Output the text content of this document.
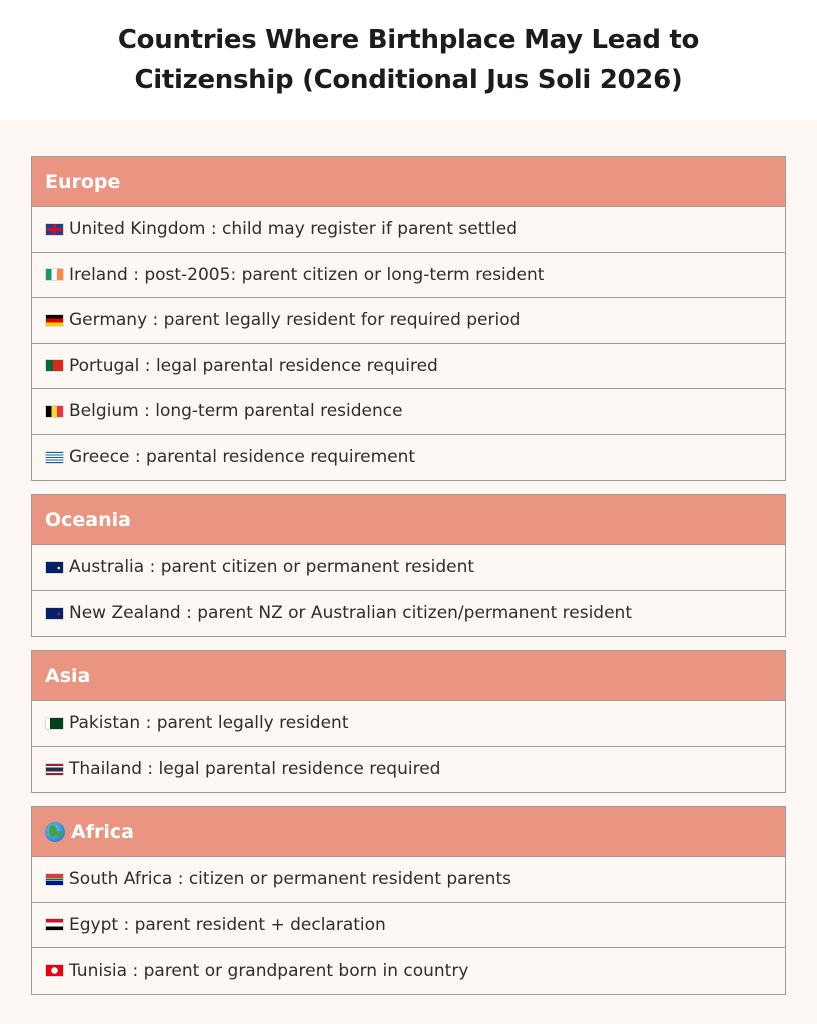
Countries Where Birthplace May Lead to Citizenship (Conditional Jus Soli 2026)
Europe
United Kingdom : child may register if parent settled
Ireland : post-2005: parent citizen or long-term resident
Germany : parent legally resident for required period
Portugal : legal parental residence required
Belgium : long-term parental residence
Greece : parental residence requirement
Oceania
Australia : parent citizen or permanent resident
New Zealand : parent NZ or Australian citizen/permanent resident
Asia
Pakistan : parent legally resident
Thailand : legal parental residence required
Africa
South Africa : citizen or permanent resident parents
Egypt : parent resident + declaration
Tunisia : parent or grandparent born in country
